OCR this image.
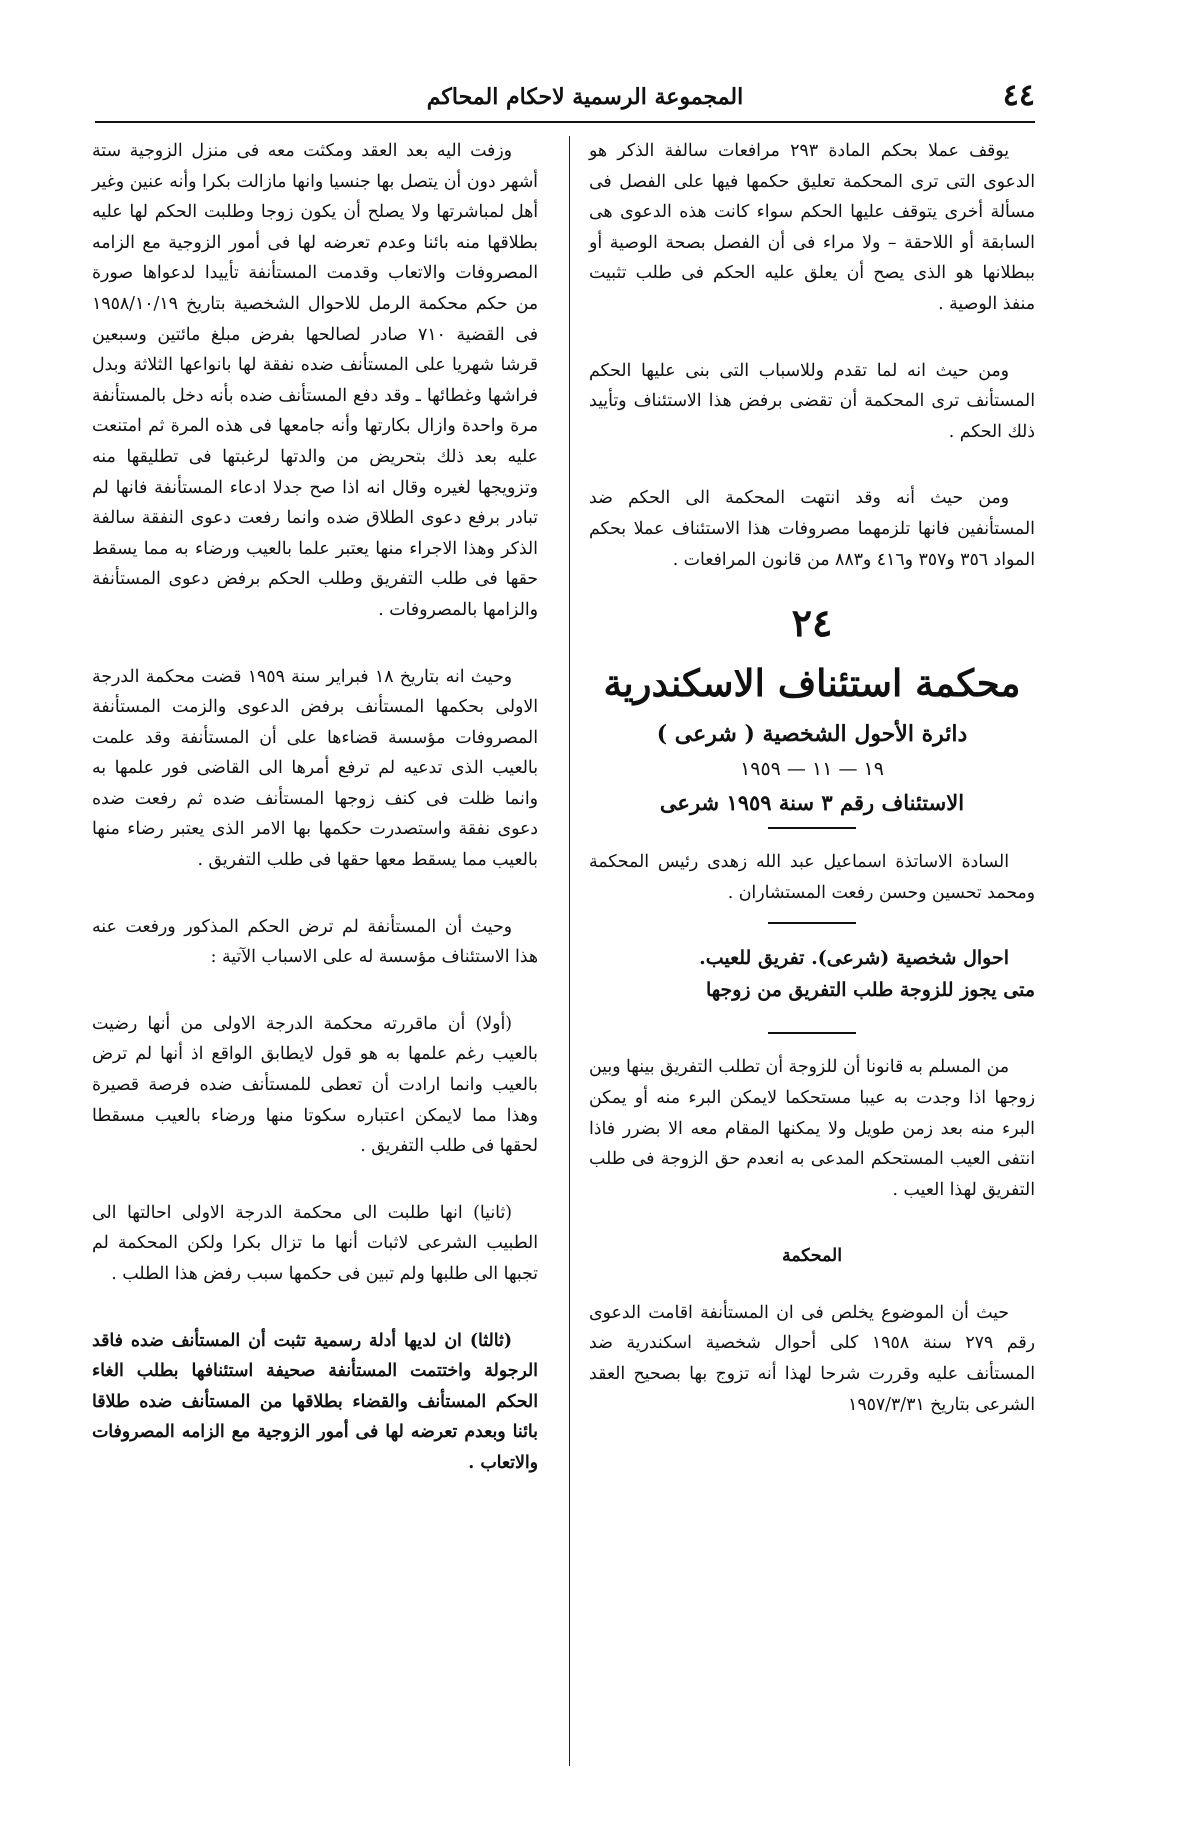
٤٤
المجموعة الرسمية لاحكام المحاكم

يوقف عملا بحكم المادة ٢٩٣ مرافعات سالفة الذكر هو الدعوى التى ترى المحكمة تعليق حكمها فيها على الفصل فى مسألة أخرى يتوقف عليها الحكم سواء كانت هذه الدعوى هى السابقة أو اللاحقة – ولا مراء فى أن الفصل بصحة الوصية أو ببطلانها هو الذى يصح أن يعلق عليه الحكم فى طلب تثبيت منفذ الوصية .

ومن حيث انه لما تقدم وللاسباب التى بنى عليها الحكم المستأنف ترى المحكمة أن تقضى برفض هذا الاستئناف وتأييد ذلك الحكم .

ومن حيث أنه وقد انتهت المحكمة الى الحكم ضد المستأنفين فانها تلزمهما مصروفات هذا الاستئناف عملا بحكم المواد ٣٥٦ و٣٥٧ و٤١٦ و٨٨٣ من قانون المرافعات .

٢٤
محكمة استئناف الاسكندرية
دائرة الأحول الشخصية ( شرعى )
١٩ — ١١ — ١٩٥٩
الاستئناف رقم ٣ سنة ١٩٥٩ شرعى
السادة الاساتذة اسماعيل عبد الله زهدى رئيس المحكمة ومحمد تحسين وحسن رفعت المستشاران .
احوال شخصية (شرعى). تفريق للعيب.
متى يجوز للزوجة طلب التفريق من زوجها

من المسلم به قانونا أن للزوجة أن تطلب التفريق بينها وبين زوجها اذا وجدت به عيبا مستحكما لايمكن البرء منه أو يمكن البرء منه بعد زمن طويل ولا يمكنها المقام معه الا بضرر فاذا انتفى العيب المستحكم المدعى به انعدم حق الزوجة فى طلب التفريق لهذا العيب .

المحكمة

حيث أن الموضوع يخلص فى ان المستأنفة اقامت الدعوى رقم ٢٧٩ سنة ١٩٥٨ كلى أحوال شخصية اسكندرية ضد المستأنف عليه وقررت شرحا لهذا أنه تزوج بها بصحيح العقد الشرعى بتاريخ ١٩٥٧/٣/٣١

وزفت اليه بعد العقد ومكثت معه فى منزل الزوجية ستة أشهر دون أن يتصل بها جنسيا وانها مازالت بكرا وأنه عنين وغير أهل لمباشرتها ولا يصلح أن يكون زوجا وطلبت الحكم لها عليه بطلاقها منه بائنا وعدم تعرضه لها فى أمور الزوجية مع الزامه المصروفات والاتعاب وقدمت المستأنفة تأييدا لدعواها صورة من حكم محكمة الرمل للاحوال الشخصية بتاريخ ١٩٥٨/١٠/١٩ فى القضية ٧١٠ صادر لصالحها بفرض مبلغ مائتين وسبعين قرشا شهريا على المستأنف ضده نفقة لها بانواعها الثلاثة وبدل فراشها وغطائها ـ وقد دفع المستأنف ضده بأنه دخل بالمستأنفة مرة واحدة وازال بكارتها وأنه جامعها فى هذه المرة ثم امتنعت عليه بعد ذلك بتحريض من والدتها لرغبتها فى تطليقها منه وتزويجها لغيره وقال انه اذا صح جدلا ادعاء المستأنفة فانها لم تبادر برفع دعوى الطلاق ضده وانما رفعت دعوى النفقة سالفة الذكر وهذا الاجراء منها يعتبر علما بالعيب ورضاء به مما يسقط حقها فى طلب التفريق وطلب الحكم برفض دعوى المستأنفة والزامها بالمصروفات .

وحيث انه بتاريخ ١٨ فبراير سنة ١٩٥٩ قضت محكمة الدرجة الاولى بحكمها المستأنف برفض الدعوى والزمت المستأنفة المصروفات مؤسسة قضاءها على أن المستأنفة وقد علمت بالعيب الذى تدعيه لم ترفع أمرها الى القاضى فور علمها به وانما ظلت فى كنف زوجها المستأنف ضده ثم رفعت ضده دعوى نفقة واستصدرت حكمها بها الامر الذى يعتبر رضاء منها بالعيب مما يسقط معها حقها فى طلب التفريق .

وحيث أن المستأنفة لم ترض الحكم المذكور ورفعت عنه هذا الاستئناف مؤسسة له على الاسباب الآتية :

(أولا) أن ماقررته محكمة الدرجة الاولى من أنها رضيت بالعيب رغم علمها به هو قول لايطابق الواقع اذ أنها لم ترض بالعيب وانما ارادت أن تعطى للمستأنف ضده فرصة قصيرة وهذا مما لايمكن اعتباره سكوتا منها ورضاء بالعيب مسقطا لحقها فى طلب التفريق .

(ثانيا) انها طلبت الى محكمة الدرجة الاولى احالتها الى الطبيب الشرعى لاثبات أنها ما تزال بكرا ولكن المحكمة لم تجبها الى طلبها ولم تبين فى حكمها سبب رفض هذا الطلب .

(ثالثا) ان لديها أدلة رسمية تثبت أن المستأنف ضده فاقد الرجولة واختتمت المستأنفة صحيفة استئنافها بطلب الغاء الحكم المستأنف والقضاء بطلاقها من المستأنف ضده طلاقا بائنا وبعدم تعرضه لها فى أمور الزوجية مع الزامه المصروفات والاتعاب .
